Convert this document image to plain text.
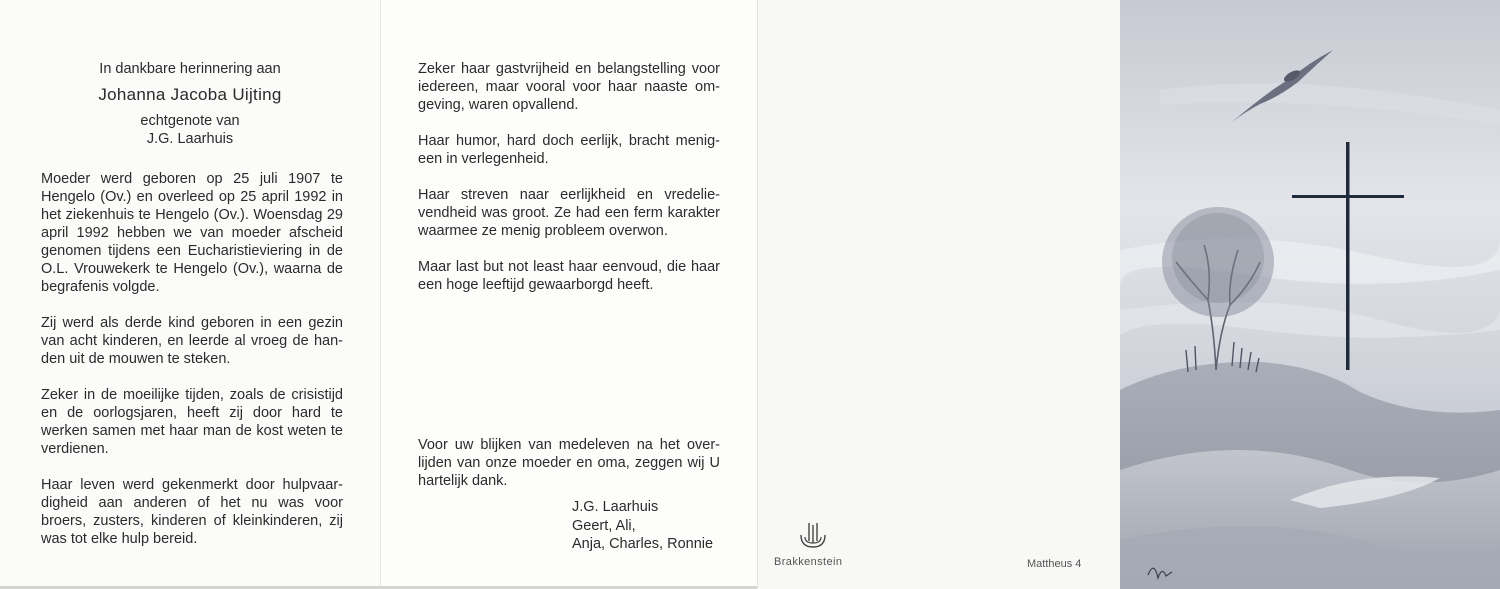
In dankbare herinnering aan
Johanna Jacoba Uijting
echtgenote van
J.G. Laarhuis

Moeder werd geboren op 25 juli 1907 te Hengelo (Ov.) en overleed op 25 april 1992 in het ziekenhuis te Hengelo (Ov.). Woensdag 29 april 1992 hebben we van moeder afscheid genomen tijdens een Eucharistieviering in de O.L. Vrouwekerk te Hengelo (Ov.), waarna de begrafenis volgde.

Zij werd als derde kind geboren in een gezin van acht kinderen, en leerde al vroeg de handen uit de mouwen te steken.

Zeker in de moeilijke tijden, zoals de crisistijd en de oorlogsjaren, heeft zij door hard te werken samen met haar man de kost weten te verdienen.

Haar leven werd gekenmerkt door hulpvaardigheid aan anderen of het nu was voor broers, zusters, kinderen of kleinkinderen, zij was tot elke hulp bereid.

Zeker haar gastvrijheid en belangstelling voor iedereen, maar vooral voor haar naaste omgeving, waren opvallend.

Haar humor, hard doch eerlijk, bracht menigeen in verlegenheid.

Haar streven naar eerlijkheid en vredelievendheid was groot. Ze had een ferm karakter waarmee ze menig probleem overwon.

Maar last but not least haar eenvoud, die haar een hoge leeftijd gewaarborgd heeft.

Voor uw blijken van medeleven na het overlijden van onze moeder en oma, zeggen wij U hartelijk dank.
J.G. Laarhuis
Geert, Ali,
Anja, Charles, Ronnie
Brakkenstein	Mattheus 4
